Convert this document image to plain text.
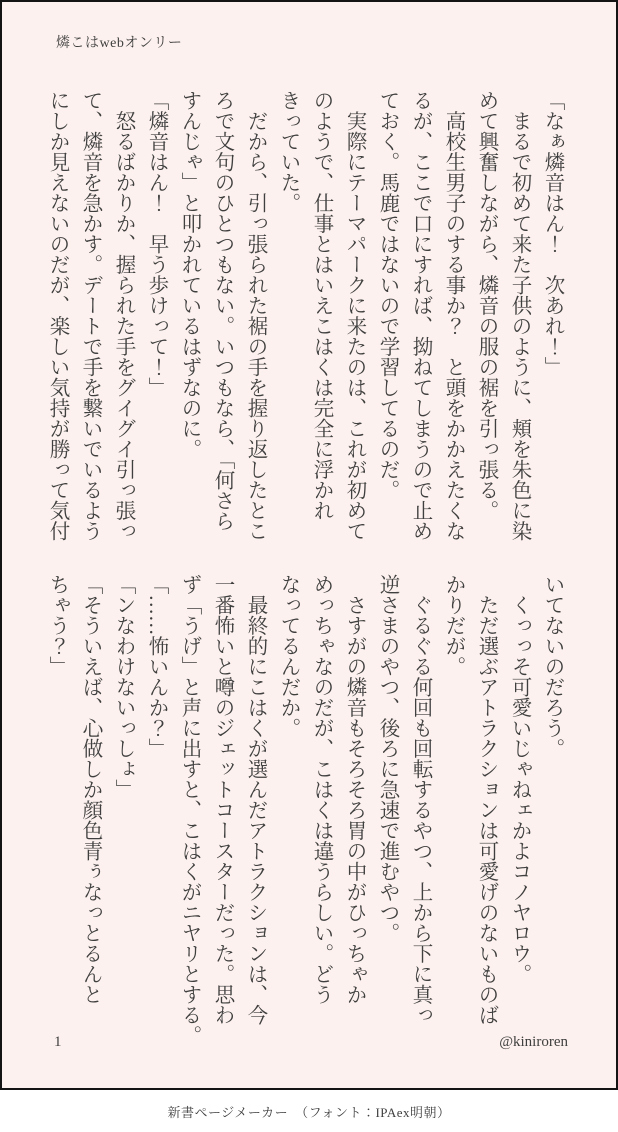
燐こはwebオンリー
「なぁ燐音はん！　次あれ！」
　まるで初めて来た子供のように、頬を朱色に染
めて興奮しながら、燐音の服の裾を引っ張る。
　高校生男子のする事か？　と頭をかかえたくな
るが、ここで口にすれば、拗ねてしまうので止め
ておく。馬鹿ではないので学習してるのだ。
　実際にテーマパークに来たのは、これが初めて
のようで、仕事とはいえこはくは完全に浮かれ
きっていた。
　だから、引っ張られた裾の手を握り返したとこ
ろで文句のひとつもない。いつもなら、「何さら
すんじゃ」と叩かれているはずなのに。
「燐音はん！　早う歩けって！」
　怒るばかりか、握られた手をグイグイ引っ張っ
て、燐音を急かす。デートで手を繋いでいるよう
にしか見えないのだが、楽しい気持が勝って気付
いてないのだろう。
　くっっそ可愛いじゃねェかよコノヤロウ。
　ただ選ぶアトラクションは可愛げのないものば
かりだが。
　ぐるぐる何回も回転するやつ、上から下に真っ
逆さまのやつ、後ろに急速で進むやつ。
　さすがの燐音もそろそろ胃の中がひっちゃか
めっちゃなのだが、こはくは違うらしい。どう
なってるんだか。
　最終的にこはくが選んだアトラクションは、今
一番怖いと噂のジェットコースターだった。思わ
ず「うげ」と声に出すと、こはくがニヤリとする。
「……怖いんか？」
「ンなわけないっしょ」
「そういえば、心做しか顔色青ぅなっとるんと
ちゃう？」
1	@kiniroren
新書ページメーカー　（フォント：IPAex明朝）
